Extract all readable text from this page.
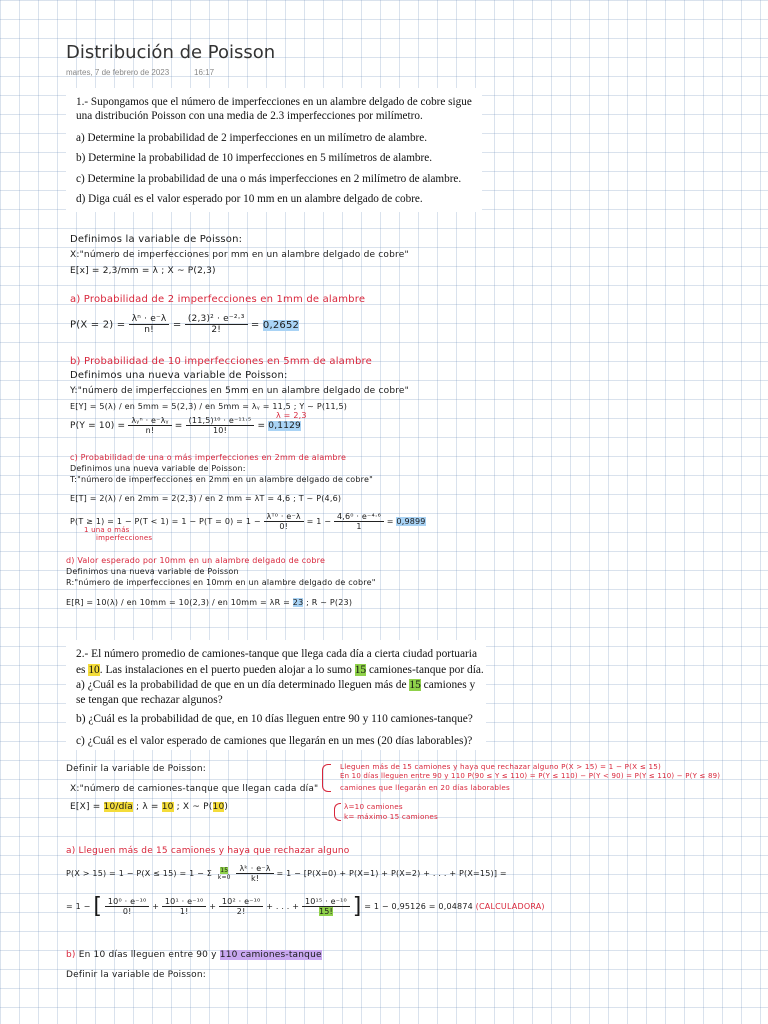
Distribución de Poisson
martes, 7 de febrero de 2023	16:17

1.- Supongamos que el número de imperfecciones en un alambre delgado de cobre sigue

una distribución Poisson con una media de 2.3 imperfecciones por milímetro.

a) Determine la probabilidad de 2 imperfecciones en un milímetro de alambre.

b) Determine la probabilidad de 10 imperfecciones en 5 milímetros de alambre.

c) Determine la probabilidad de una o más imperfecciones en 2 milímetro de alambre.

d) Diga cuál es el valor esperado por 10 mm en un alambre delgado de cobre.

Definimos la variable de Poisson:
X:"número de imperfecciones por mm en un alambre delgado de cobre"
E[x] = 2,3/mm = λ ; X ~ P(2,3)
a) Probabilidad de 2 imperfecciones en 1mm de alambre
$P(X = 2) = \frac{\text{λⁿ · e⁻λ}}{n!} = \frac{\text{(2,3)² · e⁻²·³}}{2!} = 0,2652$
b) Probabilidad de 10 imperfecciones en 5mm de alambre
Definimos una nueva variable de Poisson:
Y:"número de imperfecciones en 5mm en un alambre delgado de cobre"
E[Y] = 5(λ) / en 5mm = 5(2,3) / en 5mm = λᵧ = 11,5 ; Y ~ P(11,5)
λ = 2,3
$P(Y = 10) = \frac{\text{λᵧⁿ · e⁻λᵧ}}{n!} = \frac{\text{(11,5)¹⁰ · e⁻¹¹·⁵}}{10!} = 0,1129$
c) Probabilidad de una o más imperfecciones en 2mm de alambre
Definimos una nueva variable de Poisson:
T:"número de imperfecciones en 2mm en un alambre delgado de cobre"
E[T] = 2(λ) / en 2mm = 2(2,3) / en 2 mm = λT = 4,6 ; T ~ P(4,6)
$P(T \ge 1) = 1 - P(T < 1) = 1 - P(T = 0) = 1 - \frac{\text{λᵀ⁰ · e⁻λ}}{0!} = 1 - \frac{\text{4,6⁰ · e⁻⁴·⁶}}{1} = 0,9899$
1 una o más
imperfecciones
d) Valor esperado por 10mm en un alambre delgado de cobre
Definimos una nueva variable de Poisson
R:"número de imperfecciones en 10mm en un alambre delgado de cobre"
E[R] = 10(λ) / en 10mm = 10(2,3) / en 10mm = λR = 23 ; R ~ P(23)

2.- El número promedio de camiones-tanque que llega cada día a cierta ciudad portuaria

es 10. Las instalaciones en el puerto pueden alojar a lo sumo 15 camiones-tanque por día.

a) ¿Cuál es la probabilidad de que en un día determinado lleguen más de 15 camiones y

se tengan que rechazar algunos?

b) ¿Cuál es la probabilidad de que, en 10 días lleguen entre 90 y 110 camiones-tanque?

c) ¿Cuál es el valor esperado de camiones que llegarán en un mes (20 días laborables)?

Definir la variable de Poisson:
X:"número de camiones-tanque que llegan cada día"
E[X] = 10/día ; λ = 10 ; X ~ P(10)
Lleguen más de 15 camiones y haya que rechazar alguno P(X > 15) = 1 − P(X ≤ 15)
En 10 días lleguen entre 90 y 110 P(90 ≤ Y ≤ 110) = P(Y ≤ 110) − P(Y < 90) = P(Y ≤ 110) − P(Y ≤ 89)
camiones que llegarán en 20 días laborables
λ=10 camiones
k= máximo 15 camiones
a) Lleguen más de 15 camiones y haya que rechazar alguno
P(X > 15) = 1 − P(X ≤ 15) = 1 − Σ 15
k=0
$\frac{\text{λᵏ · e⁻λ}}{k!} = 1 - [P(X=0) + P(X=1) + P(X=2)$ + . . . + P(X=15)] =
= 1 − [ $\frac{\text{10⁰ · e⁻¹⁰}}{0!} + \frac{\text{10¹ · e⁻¹⁰}}{1!} + \frac{\text{10² · e⁻¹⁰}}{2!}$ + . . . + $\frac{\text{10¹⁵ · e⁻¹⁰}}{15!}$ ] = 1 − 0,95126 = 0,04874 (CALCULADORA)
b) En 10 días lleguen entre 90 y 110 camiones-tanque
Definir la variable de Poisson:
